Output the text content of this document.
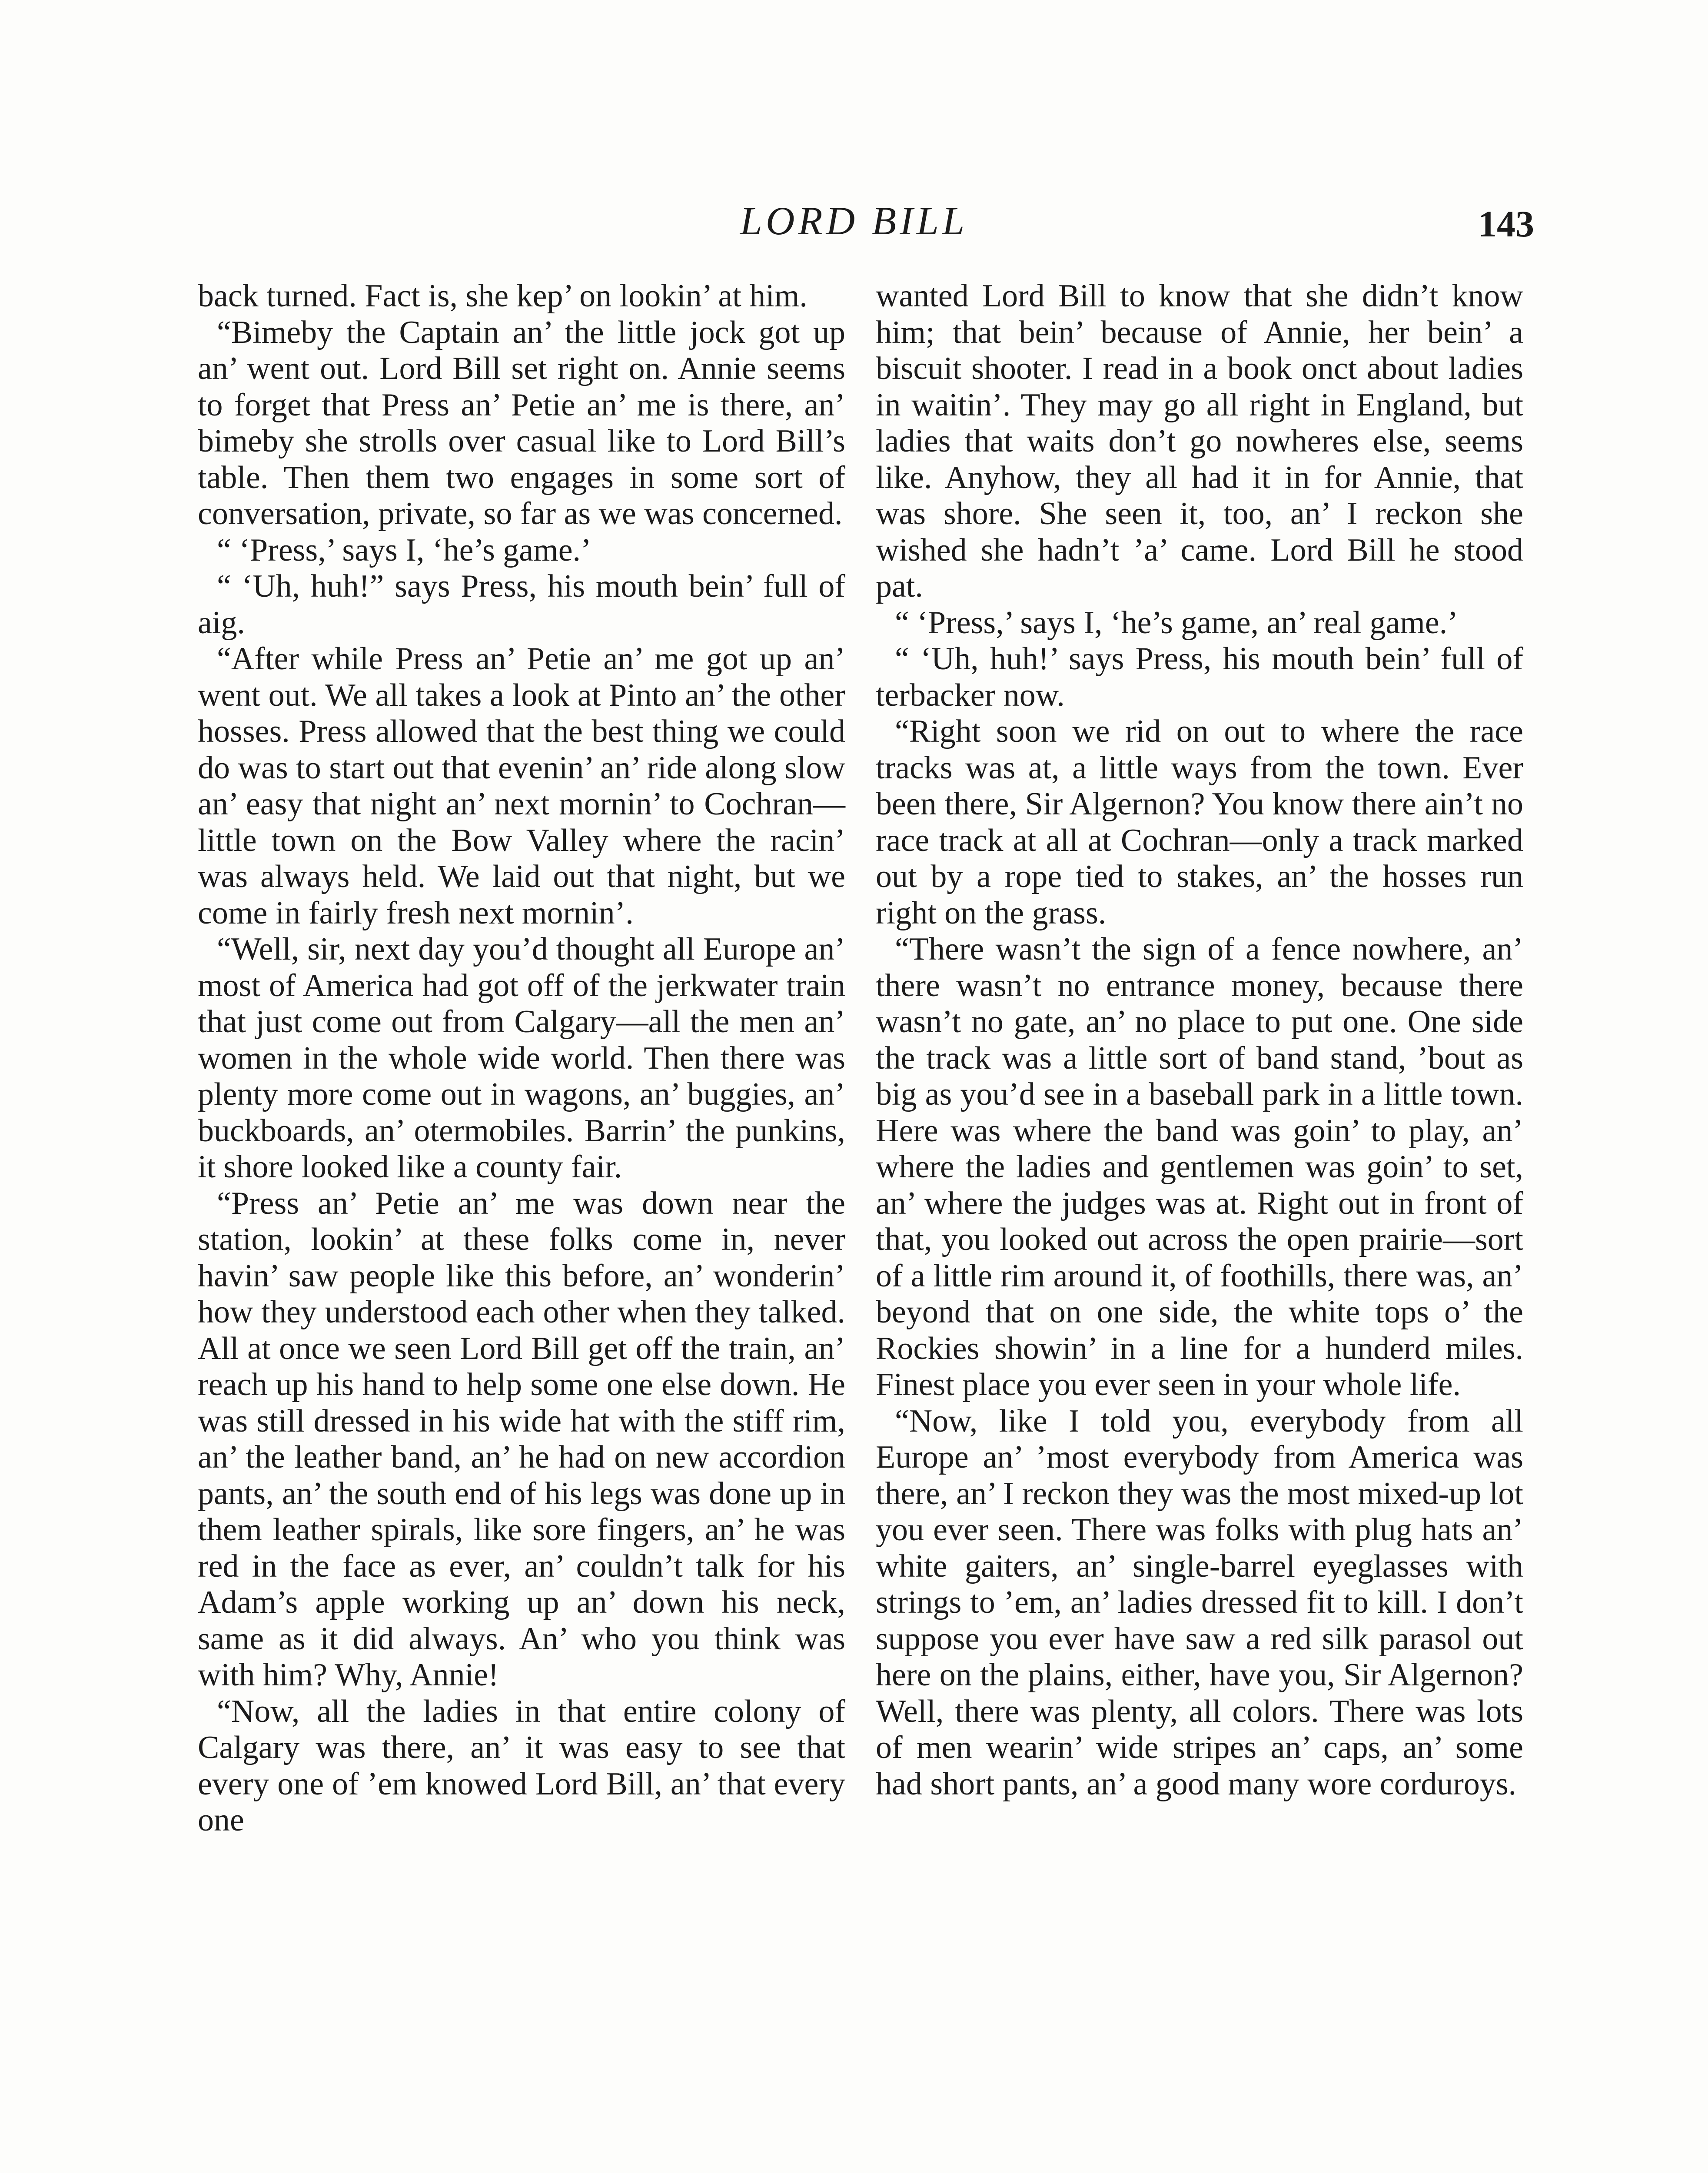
LORD BILL	143

back turned. Fact is, she kep’ on lookin’ at him.

“Bimeby the Captain an’ the little jock got up an’ went out. Lord Bill set right on. Annie seems to forget that Press an’ Petie an’ me is there, an’ bimeby she strolls over casual like to Lord Bill’s table. Then them two engages in some sort of conversation, private, so far as we was concerned.

“ ‘Press,’ says I, ‘he’s game.’

“ ‘Uh, huh!” says Press, his mouth bein’ full of aig.

“After while Press an’ Petie an’ me got up an’ went out. We all takes a look at Pinto an’ the other hosses. Press allowed that the best thing we could do was to start out that evenin’ an’ ride along slow an’ easy that night an’ next mornin’ to Cochran—little town on the Bow Valley where the racin’ was always held. We laid out that night, but we come in fairly fresh next mornin’.

“Well, sir, next day you’d thought all Europe an’ most of America had got off of the jerkwater train that just come out from Calgary—all the men an’ women in the whole wide world. Then there was plenty more come out in wagons, an’ buggies, an’ buckboards, an’ otermobiles. Barrin’ the punkins, it shore looked like a county fair.

“Press an’ Petie an’ me was down near the station, lookin’ at these folks come in, never havin’ saw people like this before, an’ wonderin’ how they understood each other when they talked. All at once we seen Lord Bill get off the train, an’ reach up his hand to help some one else down. He was still dressed in his wide hat with the stiff rim, an’ the leather band, an’ he had on new accordion pants, an’ the south end of his legs was done up in them leather spirals, like sore fingers, an’ he was red in the face as ever, an’ couldn’t talk for his Adam’s apple working up an’ down his neck, same as it did always. An’ who you think was with him? Why, Annie!

“Now, all the ladies in that entire colony of Calgary was there, an’ it was easy to see that every one of ’em knowed Lord Bill, an’ that every one

wanted Lord Bill to know that she didn’t know him; that bein’ because of Annie, her bein’ a biscuit shooter. I read in a book onct about ladies in waitin’. They may go all right in England, but ladies that waits don’t go nowheres else, seems like. Anyhow, they all had it in for Annie, that was shore. She seen it, too, an’ I reckon she wished she hadn’t ’a’ came. Lord Bill he stood pat.

“ ‘Press,’ says I, ‘he’s game, an’ real game.’

“ ‘Uh, huh!’ says Press, his mouth bein’ full of terbacker now.

“Right soon we rid on out to where the race tracks was at, a little ways from the town. Ever been there, Sir Algernon? You know there ain’t no race track at all at Cochran—only a track marked out by a rope tied to stakes, an’ the hosses run right on the grass.

“There wasn’t the sign of a fence nowhere, an’ there wasn’t no entrance money, because there wasn’t no gate, an’ no place to put one. One side the track was a little sort of band stand, ’bout as big as you’d see in a baseball park in a little town. Here was where the band was goin’ to play, an’ where the ladies and gentlemen was goin’ to set, an’ where the judges was at. Right out in front of that, you looked out across the open prairie—sort of a little rim around it, of foothills, there was, an’ beyond that on one side, the white tops o’ the Rockies showin’ in a line for a hunderd miles. Finest place you ever seen in your whole life.

“Now, like I told you, everybody from all Europe an’ ’most everybody from America was there, an’ I reckon they was the most mixed-up lot you ever seen. There was folks with plug hats an’ white gaiters, an’ single-barrel eyeglasses with strings to ’em, an’ ladies dressed fit to kill. I don’t suppose you ever have saw a red silk parasol out here on the plains, either, have you, Sir Algernon? Well, there was plenty, all colors. There was lots of men wearin’ wide stripes an’ caps, an’ some had short pants, an’ a good many wore corduroys.
